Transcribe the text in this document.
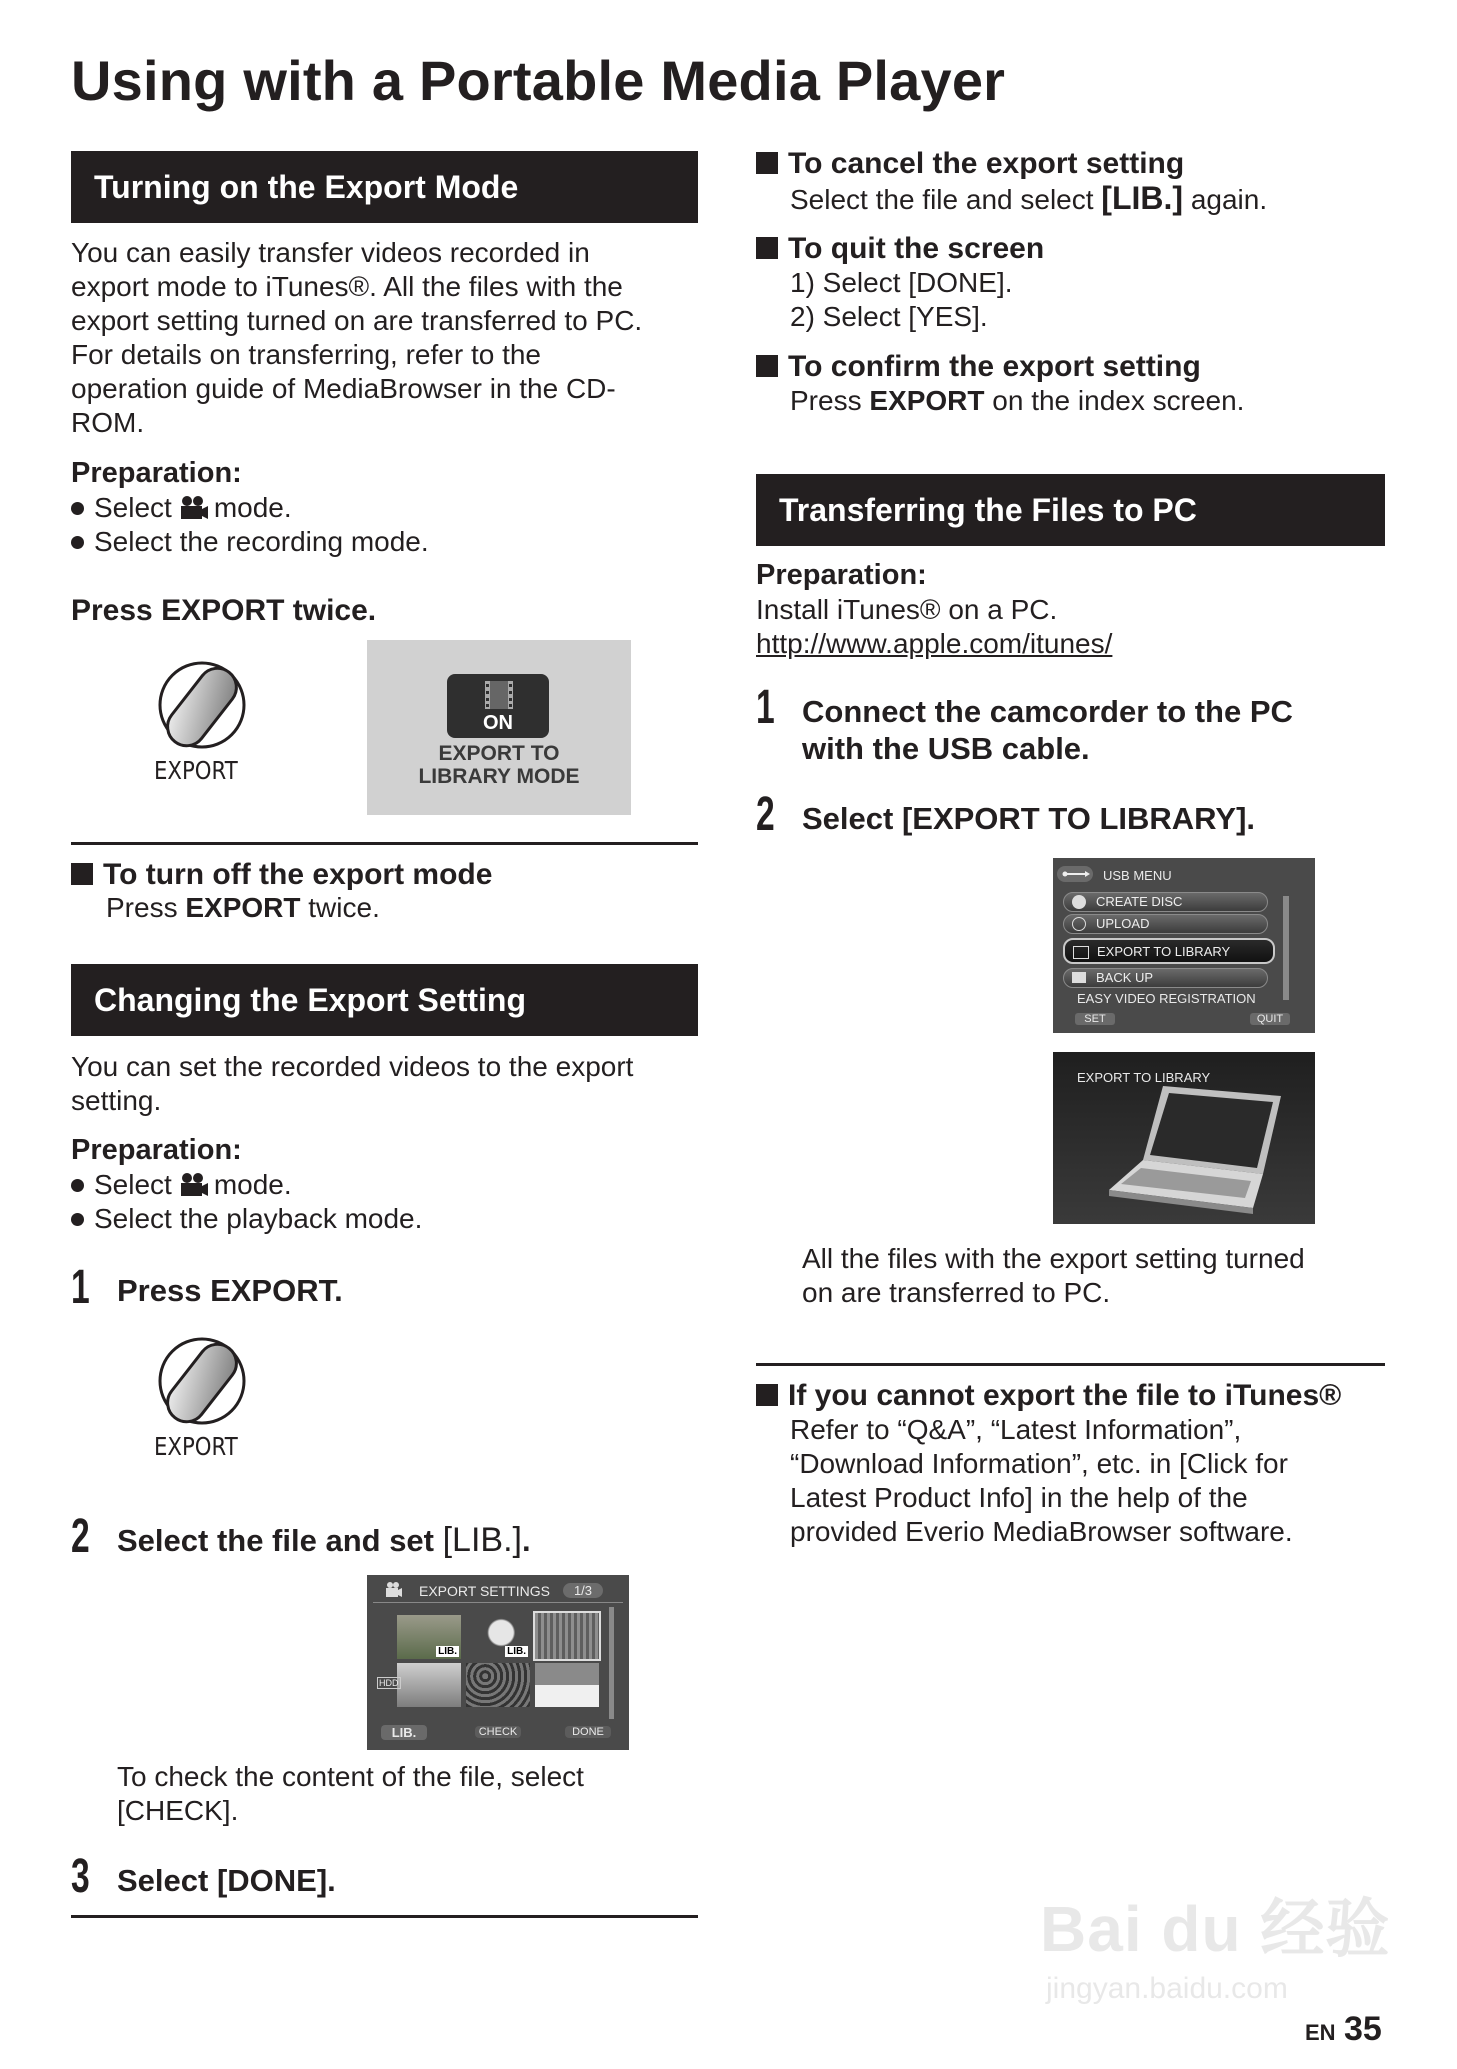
Using with a Portable Media Player
Turning on the Export Mode
You can easily transfer videos recorded in
export mode to iTunes®. All the files with the
export setting turned on are transferred to PC.
For details on transferring, refer to the
operation guide of MediaBrowser in the CD-
ROM.
Preparation:
Select mode.
Select the recording mode.
Press EXPORT twice.
EXPORT
ON
EXPORT TO
LIBRARY MODE
To turn off the export mode
Press EXPORT twice.
Changing the Export Setting
You can set the recorded videos to the export
setting.
Preparation:
Select mode.
Select the playback mode.
1 Press EXPORT.
EXPORT
2 Select the file and set [LIB.].
EXPORT SETTINGS	1/3
LIB.	LIB.
HDD
LIB.	CHECK	DONE
To check the content of the file, select
[CHECK].
3 Select [DONE].
To cancel the export setting
Select the file and select [LIB.] again.
To quit the screen
1) Select [DONE].
2) Select [YES].
To confirm the export setting
Press EXPORT on the index screen.
Transferring the Files to PC
Preparation:
Install iTunes® on a PC.
http://www.apple.com/itunes/
1 Connect the camcorder to the PC
with the USB cable.
2 Select [EXPORT TO LIBRARY].
USB MENU
CREATE DISC
UPLOAD
EXPORT TO LIBRARY
BACK UP
EASY VIDEO REGISTRATION
SET	QUIT
EXPORT TO LIBRARY
All the files with the export setting turned
on are transferred to PC.
If you cannot export the file to iTunes®
Refer to “Q&A”, “Latest Information”,
“Download Information”, etc. in [Click for
Latest Product Info] in the help of the
provided Everio MediaBrowser software.
Bai du 经验
jingyan.baidu.com
EN 35
